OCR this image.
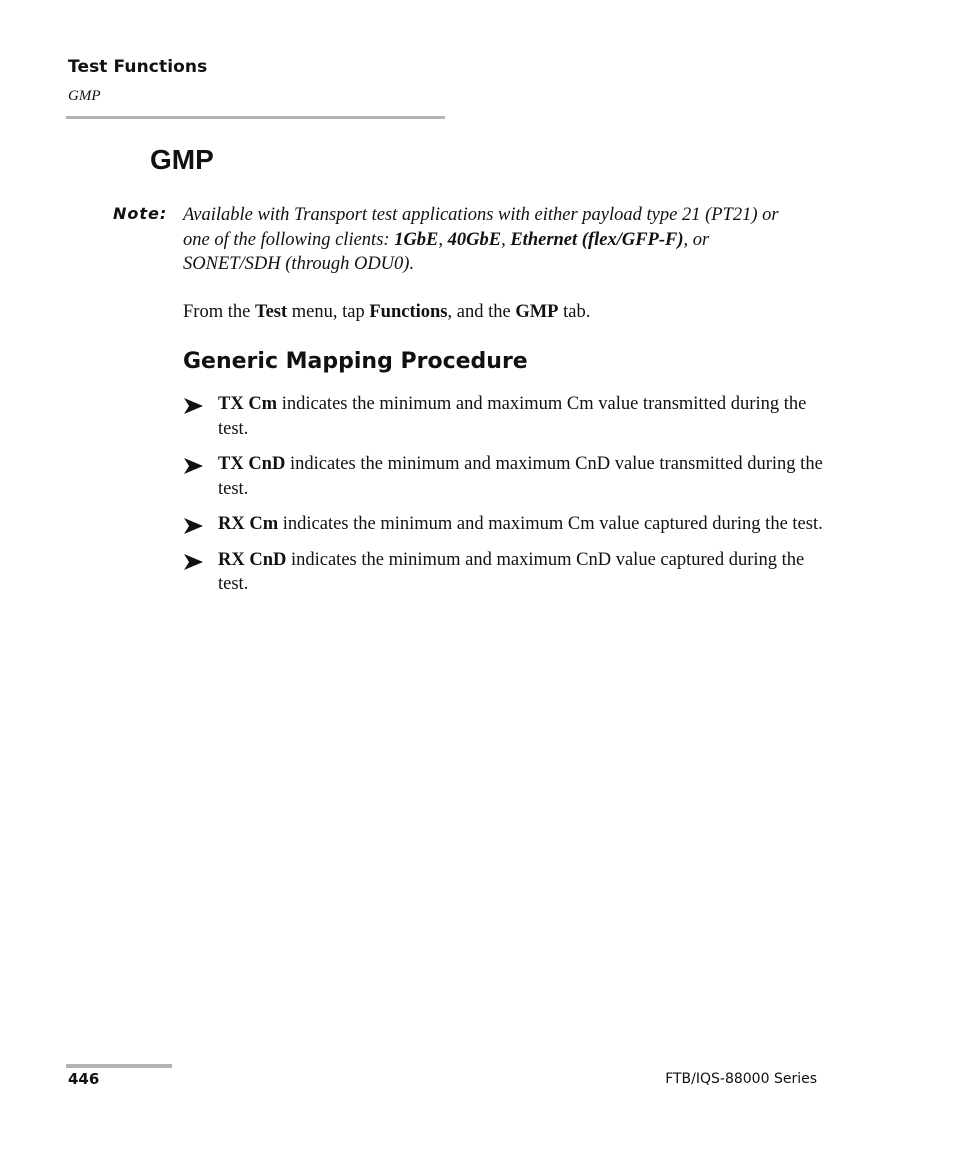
Test Functions
GMP
GMP
Note: Available with Transport test applications with either payload type 21 (PT21) or one of the following clients: 1GbE, 40GbE, Ethernet (flex/GFP-F), or SONET/SDH (through ODU0).
From the Test menu, tap Functions, and the GMP tab.
Generic Mapping Procedure
TX Cm indicates the minimum and maximum Cm value transmitted during the test.
TX CnD indicates the minimum and maximum CnD value transmitted during the test.
RX Cm indicates the minimum and maximum Cm value captured during the test.
RX CnD indicates the minimum and maximum CnD value captured during the test.
446	FTB/IQS-88000 Series
